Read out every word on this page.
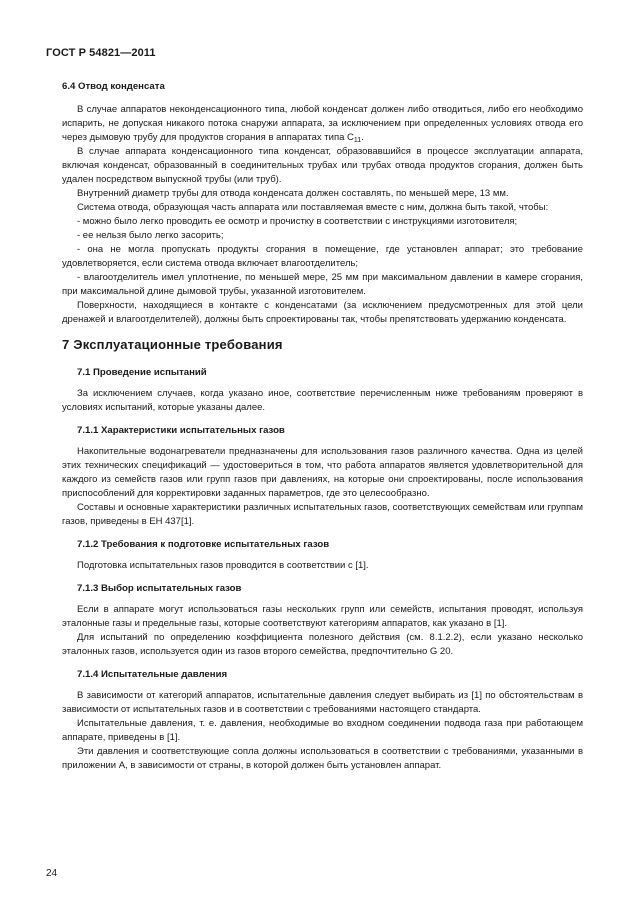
ГОСТ Р 54821—2011
6.4 Отвод конденсата

В случае аппаратов неконденсационного типа, любой конденсат должен либо отводиться, либо его необходимо испарить, не допуская никакого потока снаружи аппарата, за исключением при определенных условиях отвода его через дымовую трубу для продуктов сгорания в аппаратах типа $С_{11}$.

В случае аппарата конденсационного типа конденсат, образовавшийся в процессе эксплуатации аппарата, включая конденсат, образованный в соединительных трубах или трубах отвода продуктов сгорания, должен быть удален посредством выпускной трубы (или труб).

Внутренний диаметр трубы для отвода конденсата должен составлять, по меньшей мере, 13 мм.

Система отвода, образующая часть аппарата или поставляемая вместе с ним, должна быть такой, чтобы:

- можно было легко проводить ее осмотр и прочистку в соответствии с инструкциями изготовителя;

- ее нельзя было легко засорить;

- она не могла пропускать продукты сгорания в помещение, где установлен аппарат; это требование удовлетворяется, если система отвода включает влагоотделитель;

- влагоотделитель имел уплотнение, по меньшей мере, 25 мм при максимальном давлении в камере сгорания, при максимальной длине дымовой трубы, указанной изготовителем.

Поверхности, находящиеся в контакте с конденсатами (за исключением предусмотренных для этой цели дренажей и влагоотделителей), должны быть спроектированы так, чтобы препятствовать удержанию конденсата.

7 Эксплуатационные требования
7.1 Проведение испытаний

За исключением случаев, когда указано иное, соответствие перечисленным ниже требованиям проверяют в условиях испытаний, которые указаны далее.

7.1.1 Характеристики испытательных газов

Накопительные водонагреватели предназначены для использования газов различного качества. Одна из целей этих технических спецификаций — удостовериться в том, что работа аппаратов является удовлетворительной для каждого из семейств газов или групп газов при давлениях, на которые они спроектированы, после использования приспособлений для корректировки заданных параметров, где это целесообразно.

Составы и основные характеристики различных испытательных газов, соответствующих семействам или группам газов, приведены в ЕН 437[1].

7.1.2 Требования к подготовке испытательных газов

Подготовка испытательных газов проводится в соответствии с [1].

7.1.3 Выбор испытательных газов

Если в аппарате могут использоваться газы нескольких групп или семейств, испытания проводят, используя эталонные газы и предельные газы, которые соответствуют категориям аппаратов, как указано в [1].

Для испытаний по определению коэффициента полезного действия (см. 8.1.2.2), если указано несколько эталонных газов, используется один из газов второго семейства, предпочтительно G 20.

7.1.4 Испытательные давления

В зависимости от категорий аппаратов, испытательные давления следует выбирать из [1] по обстоятельствам в зависимости от испытательных газов и в соответствии с требованиями настоящего стандарта.

Испытательные давления, т. е. давления, необходимые во входном соединении подвода газа при работающем аппарате, приведены в [1].

Эти давления и соответствующие сопла должны использоваться в соответствии с требованиями, указанными в приложении А, в зависимости от страны, в которой должен быть установлен аппарат.

24
